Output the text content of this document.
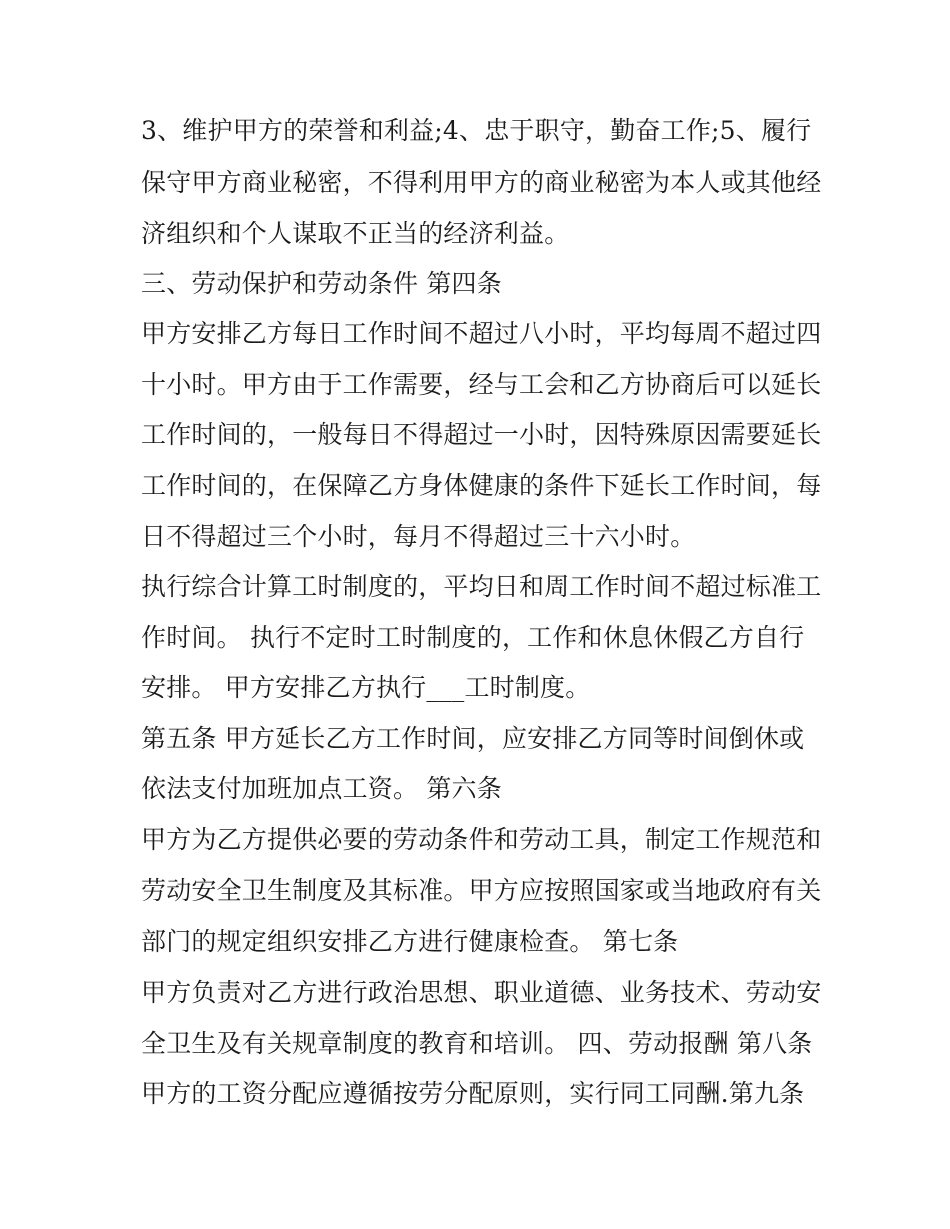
3、维护甲方的荣誉和利益;4、忠于职守，勤奋工作;5、履行
保守甲方商业秘密，不得利用甲方的商业秘密为本人或其他经
济组织和个人谋取不正当的经济利益。
三、劳动保护和劳动条件 第四条
甲方安排乙方每日工作时间不超过八小时，平均每周不超过四
十小时。甲方由于工作需要，经与工会和乙方协商后可以延长
工作时间的，一般每日不得超过一小时，因特殊原因需要延长
工作时间的，在保障乙方身体健康的条件下延长工作时间，每
日不得超过三个小时，每月不得超过三十六小时。
执行综合计算工时制度的，平均日和周工作时间不超过标准工
作时间。 执行不定时工时制度的，工作和休息休假乙方自行
安排。 甲方安排乙方执行___工时制度。
第五条 甲方延长乙方工作时间，应安排乙方同等时间倒休或
依法支付加班加点工资。 第六条
甲方为乙方提供必要的劳动条件和劳动工具，制定工作规范和
劳动安全卫生制度及其标准。甲方应按照国家或当地政府有关
部门的规定组织安排乙方进行健康检查。 第七条
甲方负责对乙方进行政治思想、职业道德、业务技术、劳动安
全卫生及有关规章制度的教育和培训。 四、劳动报酬 第八条
甲方的工资分配应遵循按劳分配原则，实行同工同酬.第九条
